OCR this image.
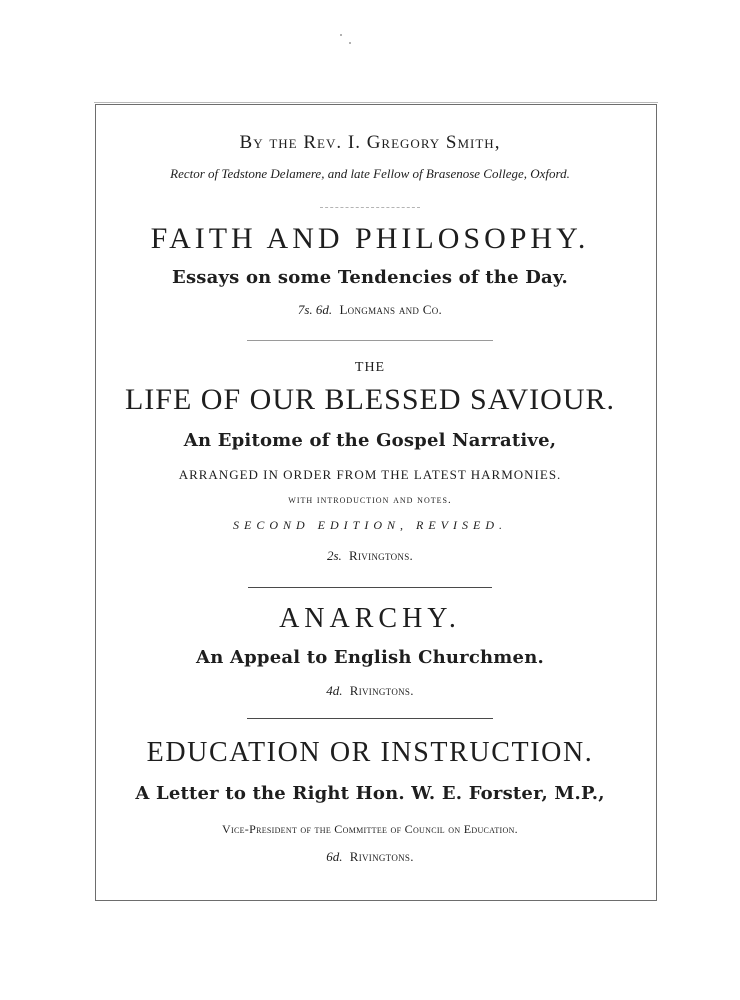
By the Rev. I. Gregory Smith,
Rector of Tedstone Delamere, and late Fellow of Brasenose College, Oxford.
FAITH AND PHILOSOPHY.
Essays on some Tendencies of the Day.
7s. 6d. Longmans and Co.
THE
LIFE OF OUR BLESSED SAVIOUR.
An Epitome of the Gospel Narrative,
ARRANGED IN ORDER FROM THE LATEST HARMONIES.
with introduction and notes.
SECOND EDITION, REVISED.
2s. Rivingtons.
ANARCHY.
An Appeal to English Churchmen.
4d. Rivingtons.
EDUCATION OR INSTRUCTION.
A Letter to the Right Hon. W. E. Forster, M.P.,
Vice-President of the Committee of Council on Education.
6d. Rivingtons.
